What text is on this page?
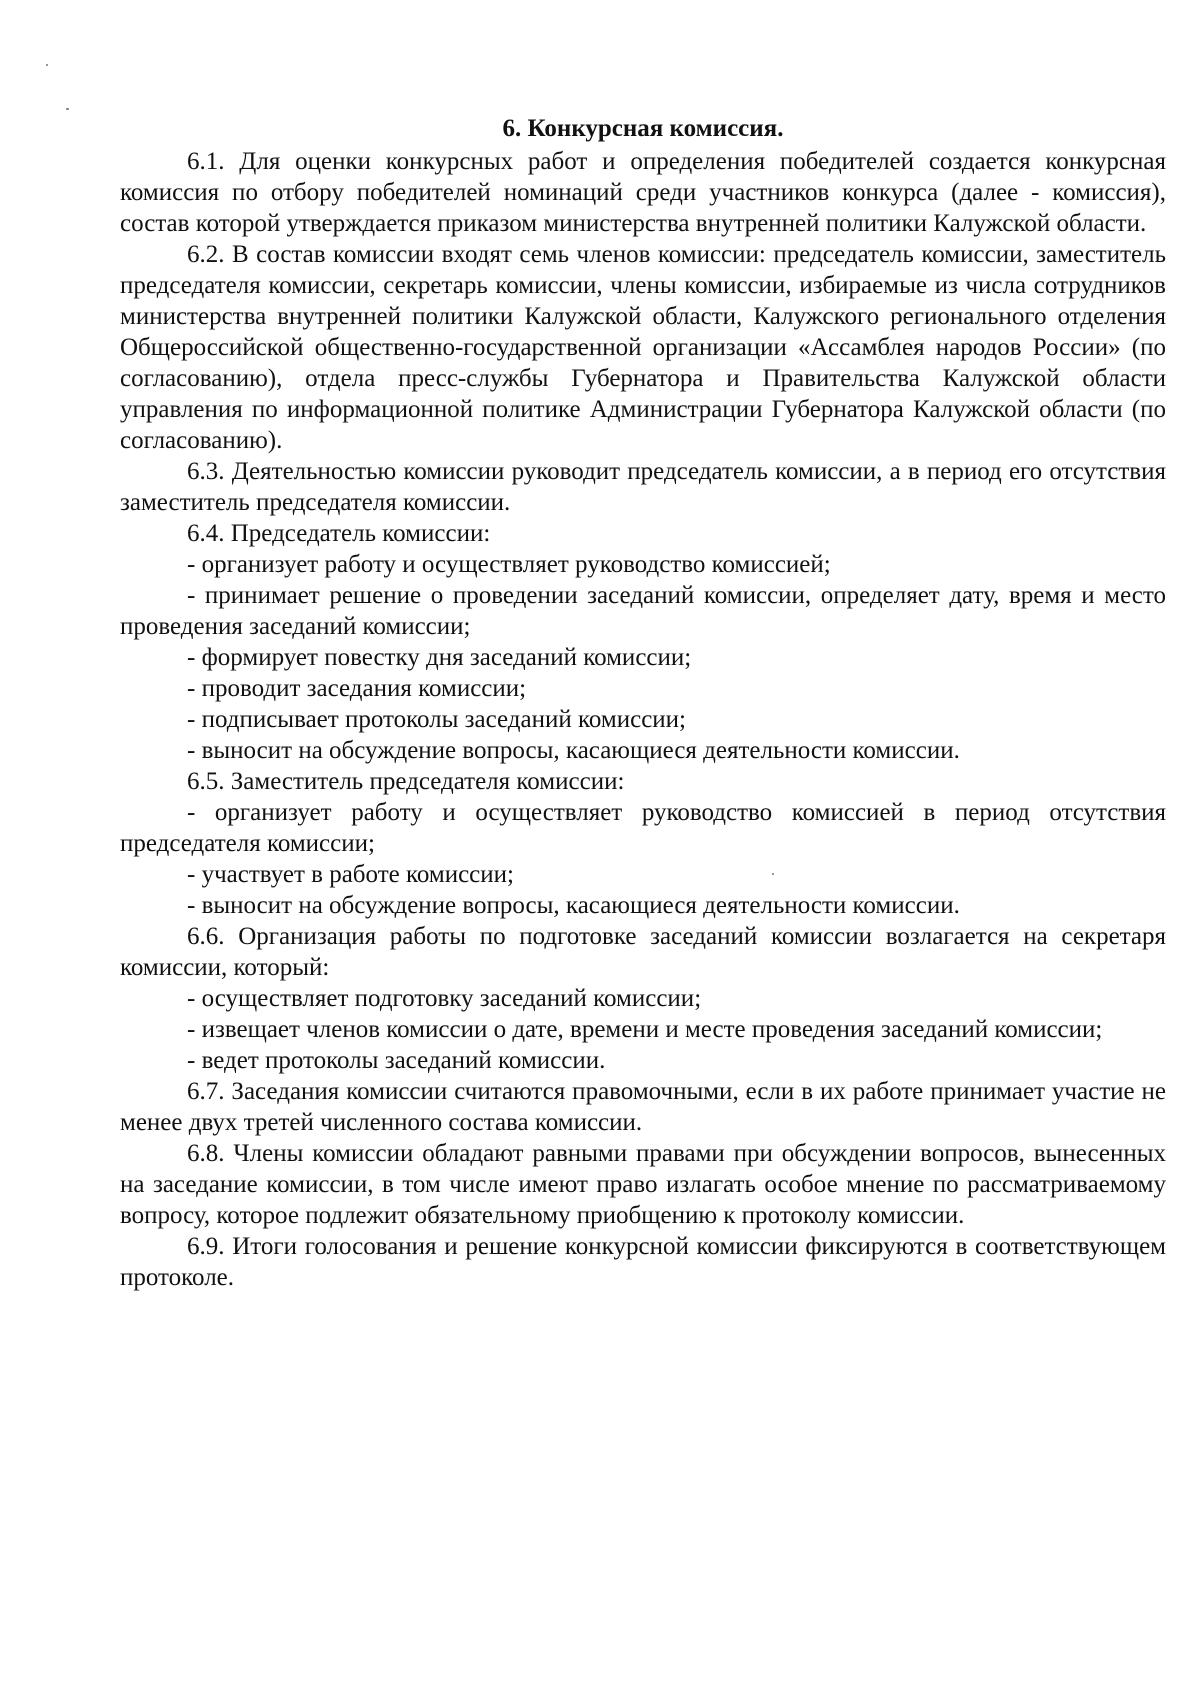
6. Конкурсная комиссия.

6.1. Для оценки конкурсных работ и определения победителей создается конкурсная комиссия по отбору победителей номинаций среди участников конкурса (далее - комиссия), состав которой утверждается приказом министерства внутренней политики Калужской области.

6.2. В состав комиссии входят семь членов комиссии: председатель комиссии, заместитель председателя комиссии, секретарь комиссии, члены комиссии, избираемые из числа сотрудников министерства внутренней политики Калужской области, Калужского регионального отделения Общероссийской общественно-государственной организации «Ассамблея народов России» (по согласованию), отдела пресс-службы Губернатора и Правительства Калужской области управления по информационной политике Администрации Губернатора Калужской области (по согласованию).

6.3. Деятельностью комиссии руководит председатель комиссии, а в период его отсутствия заместитель председателя комиссии.

6.4. Председатель комиссии:

- организует работу и осуществляет руководство комиссией;

- принимает решение о проведении заседаний комиссии, определяет дату, время и место проведения заседаний комиссии;

- формирует повестку дня заседаний комиссии;

- проводит заседания комиссии;

- подписывает протоколы заседаний комиссии;

- выносит на обсуждение вопросы, касающиеся деятельности комиссии.

6.5. Заместитель председателя комиссии:

- организует работу и осуществляет руководство комиссией в период отсутствия председателя комиссии;

- участвует в работе комиссии;

- выносит на обсуждение вопросы, касающиеся деятельности комиссии.

6.6. Организация работы по подготовке заседаний комиссии возлагается на секретаря комиссии, который:

- осуществляет подготовку заседаний комиссии;

- извещает членов комиссии о дате, времени и месте проведения заседаний комиссии;

- ведет протоколы заседаний комиссии.

6.7. Заседания комиссии считаются правомочными, если в их работе принимает участие не менее двух третей численного состава комиссии.

6.8. Члены комиссии обладают равными правами при обсуждении вопросов, вынесенных на заседание комиссии, в том числе имеют право излагать особое мнение по рассматриваемому вопросу, которое подлежит обязательному приобщению к протоколу комиссии.

6.9. Итоги голосования и решение конкурсной комиссии фиксируются в соответствующем протоколе.
